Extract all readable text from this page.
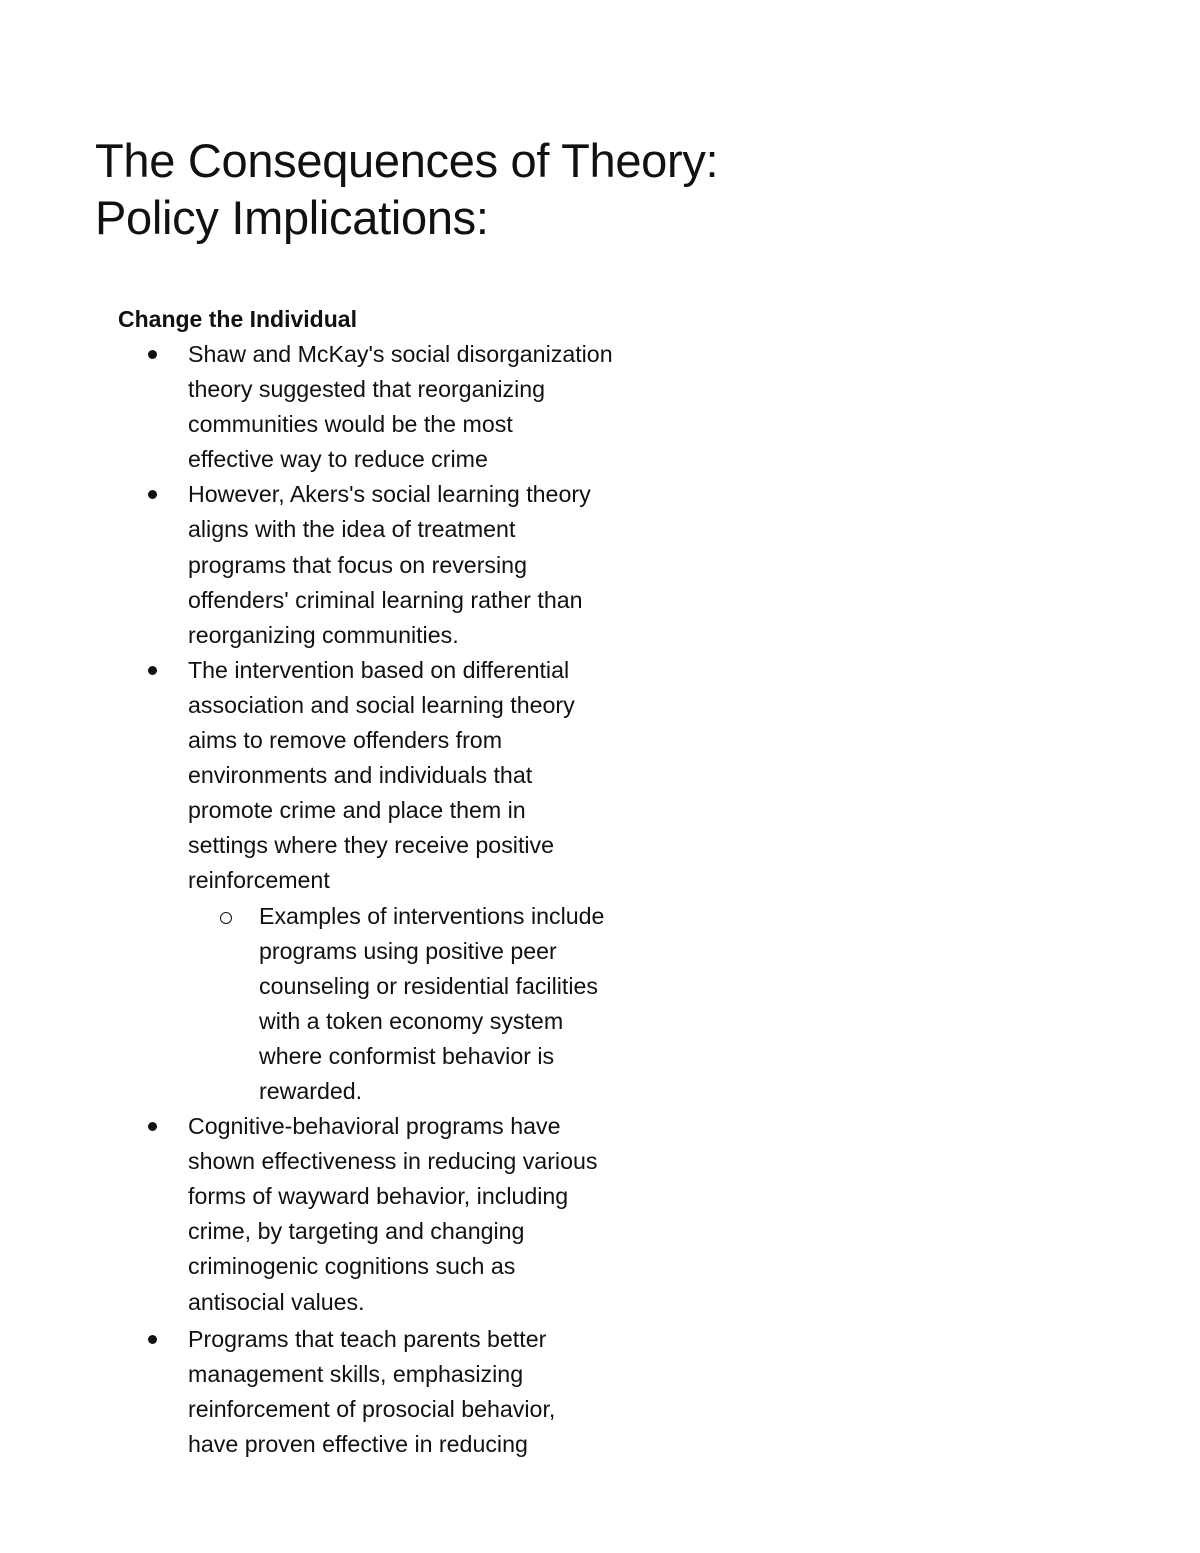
The Consequences of Theory:
Policy Implications:
Change the Individual
Shaw and McKay's social disorganization
theory suggested that reorganizing
communities would be the most
effective way to reduce crime
However, Akers's social learning theory
aligns with the idea of treatment
programs that focus on reversing
offenders' criminal learning rather than
reorganizing communities.
The intervention based on differential
association and social learning theory
aims to remove offenders from
environments and individuals that
promote crime and place them in
settings where they receive positive
reinforcement
Examples of interventions include
programs using positive peer
counseling or residential facilities
with a token economy system
where conformist behavior is
rewarded.
Cognitive-behavioral programs have
shown effectiveness in reducing various
forms of wayward behavior, including
crime, by targeting and changing
criminogenic cognitions such as
antisocial values.
Programs that teach parents better
management skills, emphasizing
reinforcement of prosocial behavior,
have proven effective in reducing
